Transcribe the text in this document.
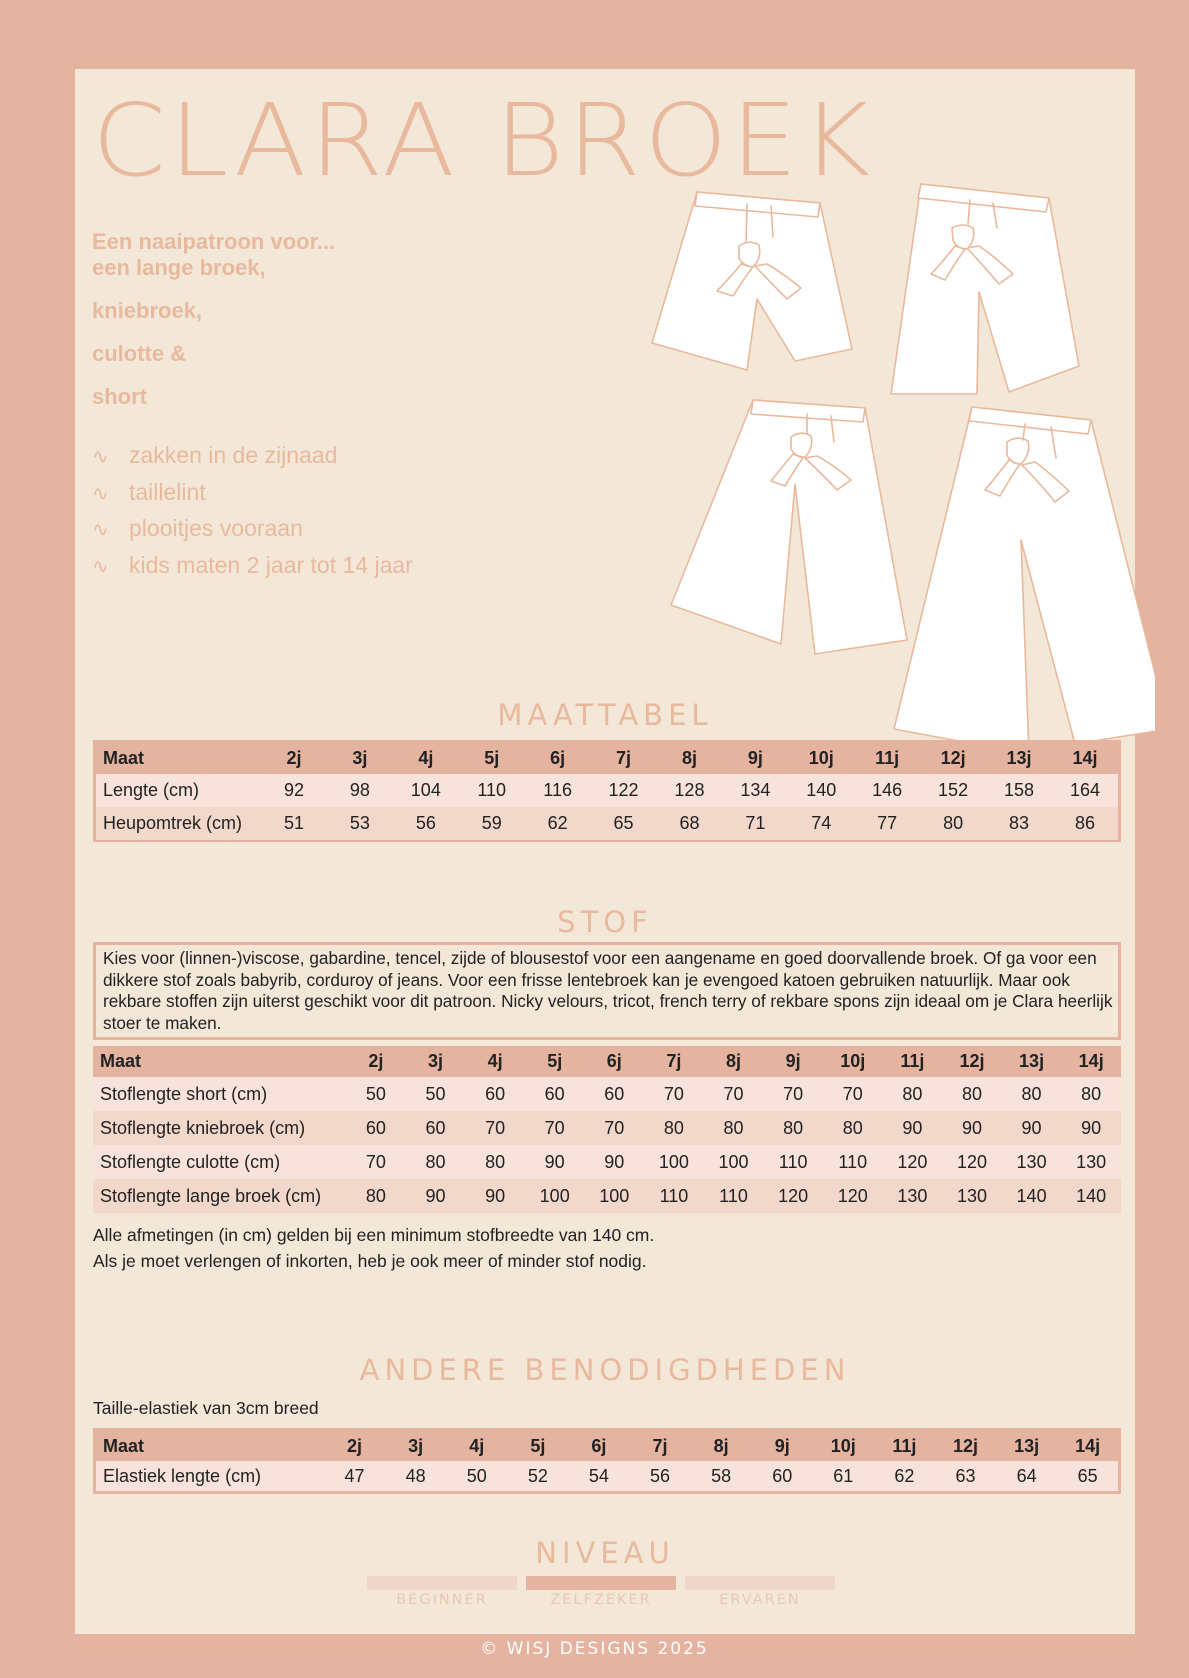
CLARA BROEK
Een naaipatroon voor...
een lange broek,
kniebroek,
culotte &
short
∿ zakken in de zijnaad
∿ taillelint
∿ plooitjes vooraan
∿ kids maten 2 jaar tot 14 jaar
MAATTABEL
Maat	2j	3j	4j	5j	6j	7j	8j	9j	10j	11j	12j	13j	14j
Lengte (cm)	92	98	104	110	116	122	128	134	140	146	152	158	164
Heupomtrek (cm)	51	53	56	59	62	65	68	71	74	77	80	83	86
STOF

Kies voor (linnen-)viscose, gabardine, tencel, zijde of blousestof voor een aangename en goed doorvallende broek. Of ga voor een dikkere stof zoals babyrib, corduroy of jeans. Voor een frisse lentebroek kan je evengoed katoen gebruiken natuurlijk. Maar ook rekbare stoffen zijn uiterst geschikt voor dit patroon. Nicky velours, tricot, french terry of rekbare spons zijn ideaal om je Clara heerlijk stoer te maken.

Maat	2j	3j	4j	5j	6j	7j	8j	9j	10j	11j	12j	13j	14j
Stoflengte short (cm)	50	50	60	60	60	70	70	70	70	80	80	80	80
Stoflengte kniebroek (cm)	60	60	70	70	70	80	80	80	80	90	90	90	90
Stoflengte culotte (cm)	70	80	80	90	90	100	100	110	110	120	120	130	130
Stoflengte lange broek (cm)	80	90	90	100	100	110	110	120	120	130	130	140	140

Alle afmetingen (in cm) gelden bij een minimum stofbreedte van 140 cm.

Als je moet verlengen of inkorten, heb je ook meer of minder stof nodig.

ANDERE BENODIGDHEDEN

Taille-elastiek van 3cm breed

Maat	2j	3j	4j	5j	6j	7j	8j	9j	10j	11j	12j	13j	14j
Elastiek lengte (cm)	47	48	50	52	54	56	58	60	61	62	63	64	65
NIVEAU
BEGINNER	ZELFZEKER	ERVAREN
© WISJ DESIGNS 2025
